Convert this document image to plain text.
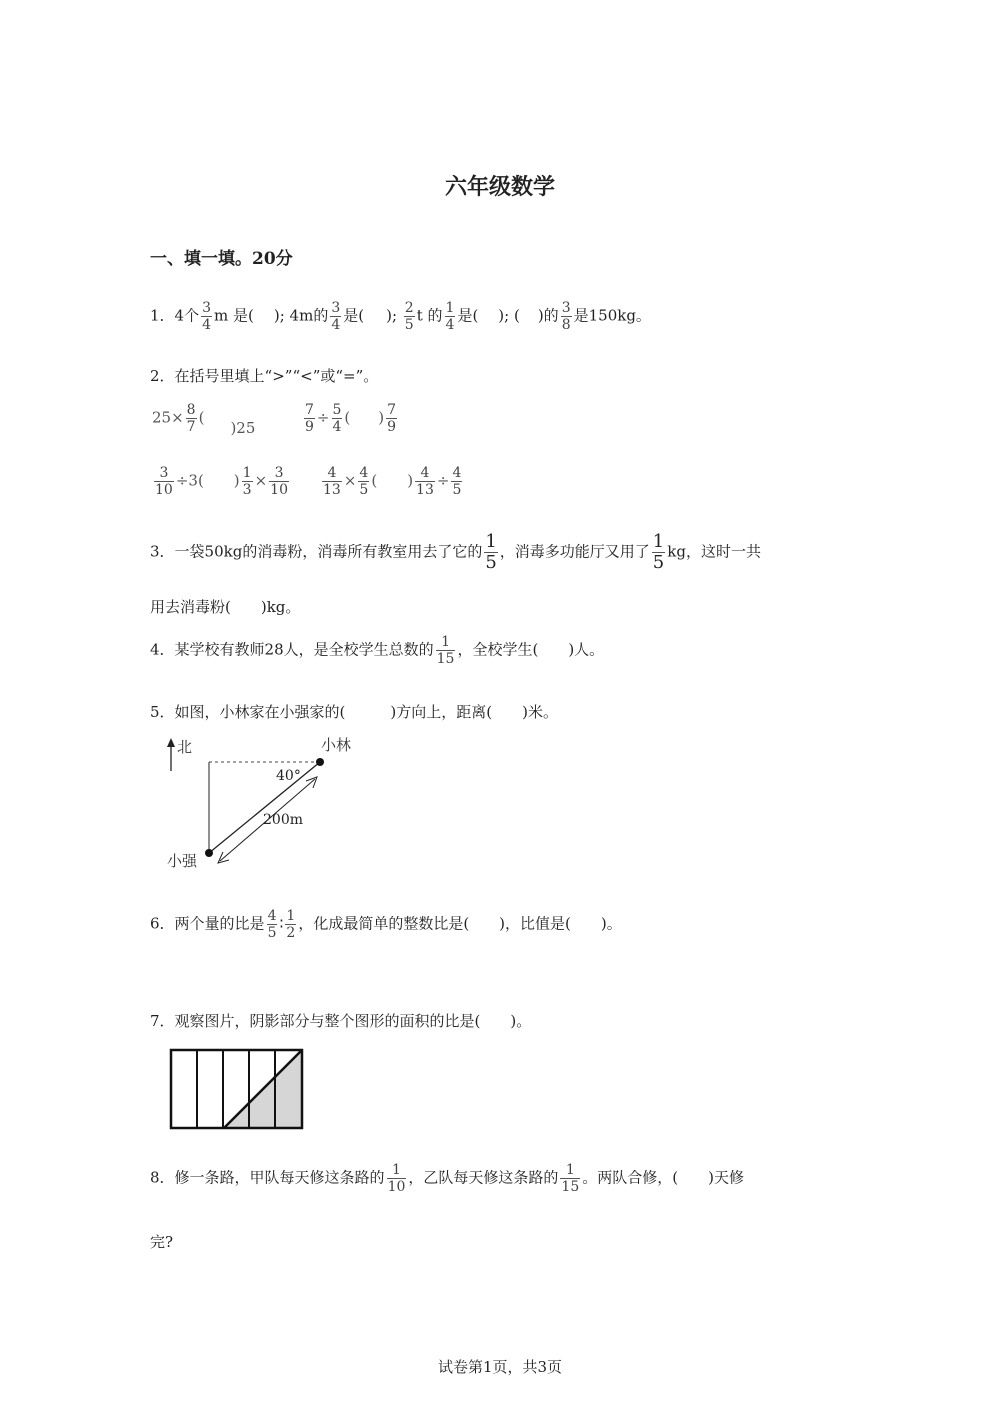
六年级数学
一、填一填。20分
1．4个 $\frac{3}{4}$ m 是( ); 4m的 $\frac{3}{4}$ 是( ); $\frac{2}{5}$ t 的 $\frac{1}{4}$ 是( ); ( )的 $\frac{3}{8}$ 是150kg。
2．在括号里填上“>”“<”或“=”。
$25\times \frac{8}{7} ()25$	$\frac{7}{9} \div \frac{5}{4}$ ( ) $\frac{7}{9}$
$\frac{3}{10} \div 3$( ) $\frac{1}{3} \times \frac{3}{10} \frac{4}{13} \times \frac{4}{5}$ ( ) $\frac{4}{13} \div \frac{4}{5}$
3．一袋50kg的消毒粉，消毒所有教室用去了它的 $\frac{1}{5}$ ，消毒多功能厅又用了 $\frac{1}{5}$ kg，这时一共
用去消毒粉(　　)kg。
4．某学校有教师28人，是全校学生总数的 $\frac{1}{15}$ ，全校学生(　　)人。
5．如图，小林家在小强家的(　　　)方向上，距离(　　)米。
北	小林
小强
40°
200m
6．两个量的比是 $\frac{4}{5}$ ∶ $\frac{1}{2}$ ，化成最简单的整数比是(　　)，比值是(　　)。
7．观察图片，阴影部分与整个图形的面积的比是(　　)。
8．修一条路，甲队每天修这条路的 $\frac{1}{10}$ ，乙队每天修这条路的 $\frac{1}{15}$ 。两队合修，(　　)天修
完?
试卷第1页，共3页
